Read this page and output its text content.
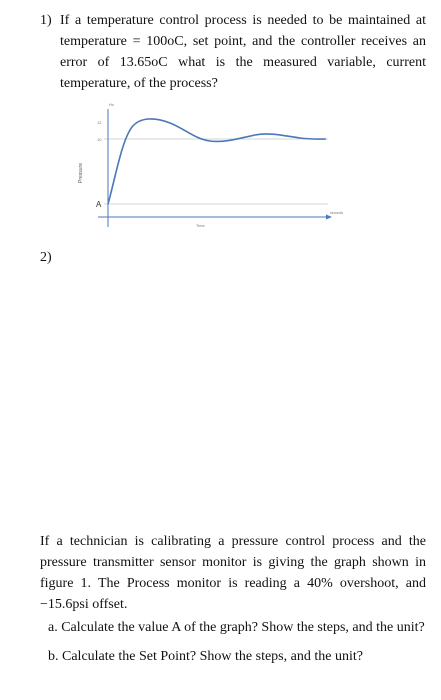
1) If a temperature control process is needed to be maintained at temperature = 100oC, set point, and the controller receives an error of 13.65oC what is the measured variable, current temperature, of the process?
Hz
12
10
Pressure
A
Time
seconds
2)
If a technician is calibrating a pressure control process and the pressure transmitter sensor monitor is giving the graph shown in figure 1. The Process monitor is reading a 40% overshoot, and −15.6psi offset.
a. Calculate the value A of the graph? Show the steps, and the unit?
b. Calculate the Set Point? Show the steps, and the unit?
